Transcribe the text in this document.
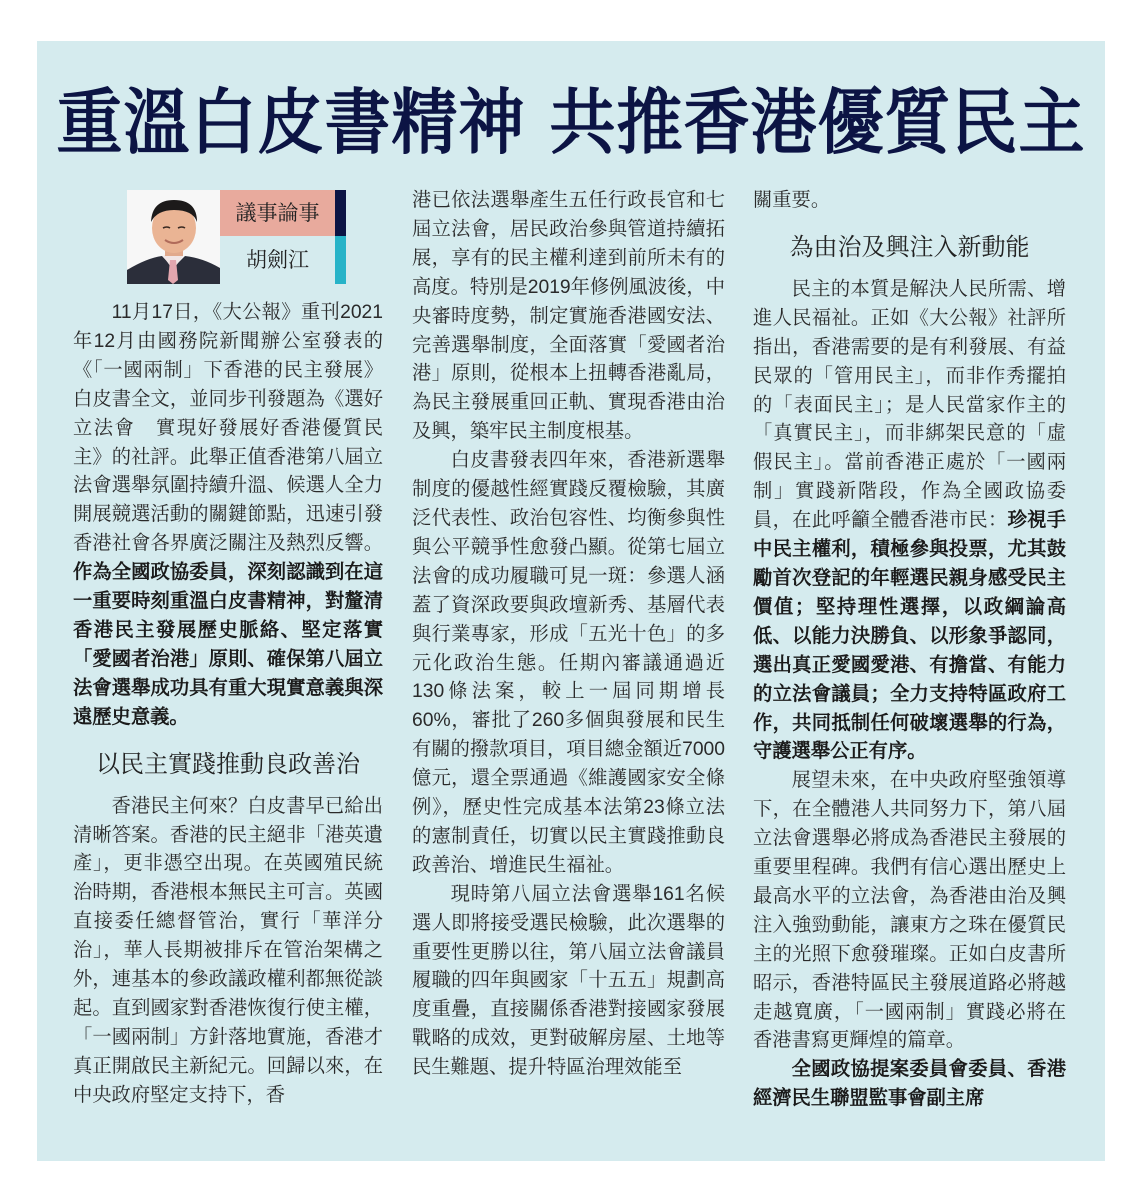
重溫白皮書精神 共推香港優質民主
議事論事
胡劍江

11月17日，《大公報》重刊2021年12月由國務院新聞辦公室發表的《「一國兩制」下香港的民主發展》白皮書全文，並同步刊發題為《選好立法會　實現好發展好香港優質民主》的社評。此舉正值香港第八屆立法會選舉氛圍持續升溫、候選人全力開展競選活動的關鍵節點，迅速引發香港社會各界廣泛關注及熱烈反響。作為全國政協委員，深刻認識到在這一重要時刻重溫白皮書精神，對釐清香港民主發展歷史脈絡、堅定落實「愛國者治港」原則、確保第八屆立法會選舉成功具有重大現實意義與深遠歷史意義。

以民主實踐推動良政善治

香港民主何來？白皮書早已給出清晰答案。香港的民主絕非「港英遺產」，更非憑空出現。在英國殖民統治時期，香港根本無民主可言。英國直接委任總督管治，實行「華洋分治」，華人長期被排斥在管治架構之外，連基本的參政議政權利都無從談起。直到國家對香港恢復行使主權，「一國兩制」方針落地實施，香港才真正開啟民主新紀元。回歸以來，在中央政府堅定支持下，香

港已依法選舉產生五任行政長官和七屆立法會，居民政治參與管道持續拓展，享有的民主權利達到前所未有的高度。特別是2019年修例風波後，中央審時度勢，制定實施香港國安法、完善選舉制度，全面落實「愛國者治港」原則，從根本上扭轉香港亂局，為民主發展重回正軌、實現香港由治及興，築牢民主制度根基。

白皮書發表四年來，香港新選舉制度的優越性經實踐反覆檢驗，其廣泛代表性、政治包容性、均衡參與性與公平競爭性愈發凸顯。從第七屆立法會的成功履職可見一斑：參選人涵蓋了資深政要與政壇新秀、基層代表與行業專家，形成「五光十色」的多元化政治生態。任期內審議通過近130條法案，較上一屆同期增長60%，審批了260多個與發展和民生有關的撥款項目，項目總金額近7000億元，還全票通過《維護國家安全條例》，歷史性完成基本法第23條立法的憲制責任，切實以民主實踐推動良政善治、增進民生福祉。

現時第八屆立法會選舉161名候選人即將接受選民檢驗，此次選舉的重要性更勝以往，第八屆立法會議員履職的四年與國家「十五五」規劃高度重疊，直接關係香港對接國家發展戰略的成效，更對破解房屋、土地等民生難題、提升特區治理效能至

關重要。

為由治及興注入新動能

民主的本質是解決人民所需、增進人民福祉。正如《大公報》社評所指出，香港需要的是有利發展、有益民眾的「管用民主」，而非作秀擺拍的「表面民主」；是人民當家作主的「真實民主」，而非綁架民意的「虛假民主」。當前香港正處於「一國兩制」實踐新階段，作為全國政協委員，在此呼籲全體香港市民：珍視手中民主權利，積極參與投票，尤其鼓勵首次登記的年輕選民親身感受民主價值；堅持理性選擇，以政綱論高低、以能力決勝負、以形象爭認同，選出真正愛國愛港、有擔當、有能力的立法會議員；全力支持特區政府工作，共同抵制任何破壞選舉的行為，守護選舉公正有序。

展望未來，在中央政府堅強領導下，在全體港人共同努力下，第八屆立法會選舉必將成為香港民主發展的重要里程碑。我們有信心選出歷史上最高水平的立法會，為香港由治及興注入強勁動能，讓東方之珠在優質民主的光照下愈發璀璨。正如白皮書所昭示，香港特區民主發展道路必將越走越寬廣，「一國兩制」實踐必將在香港書寫更輝煌的篇章。

全國政協提案委員會委員、香港經濟民生聯盟監事會副主席
